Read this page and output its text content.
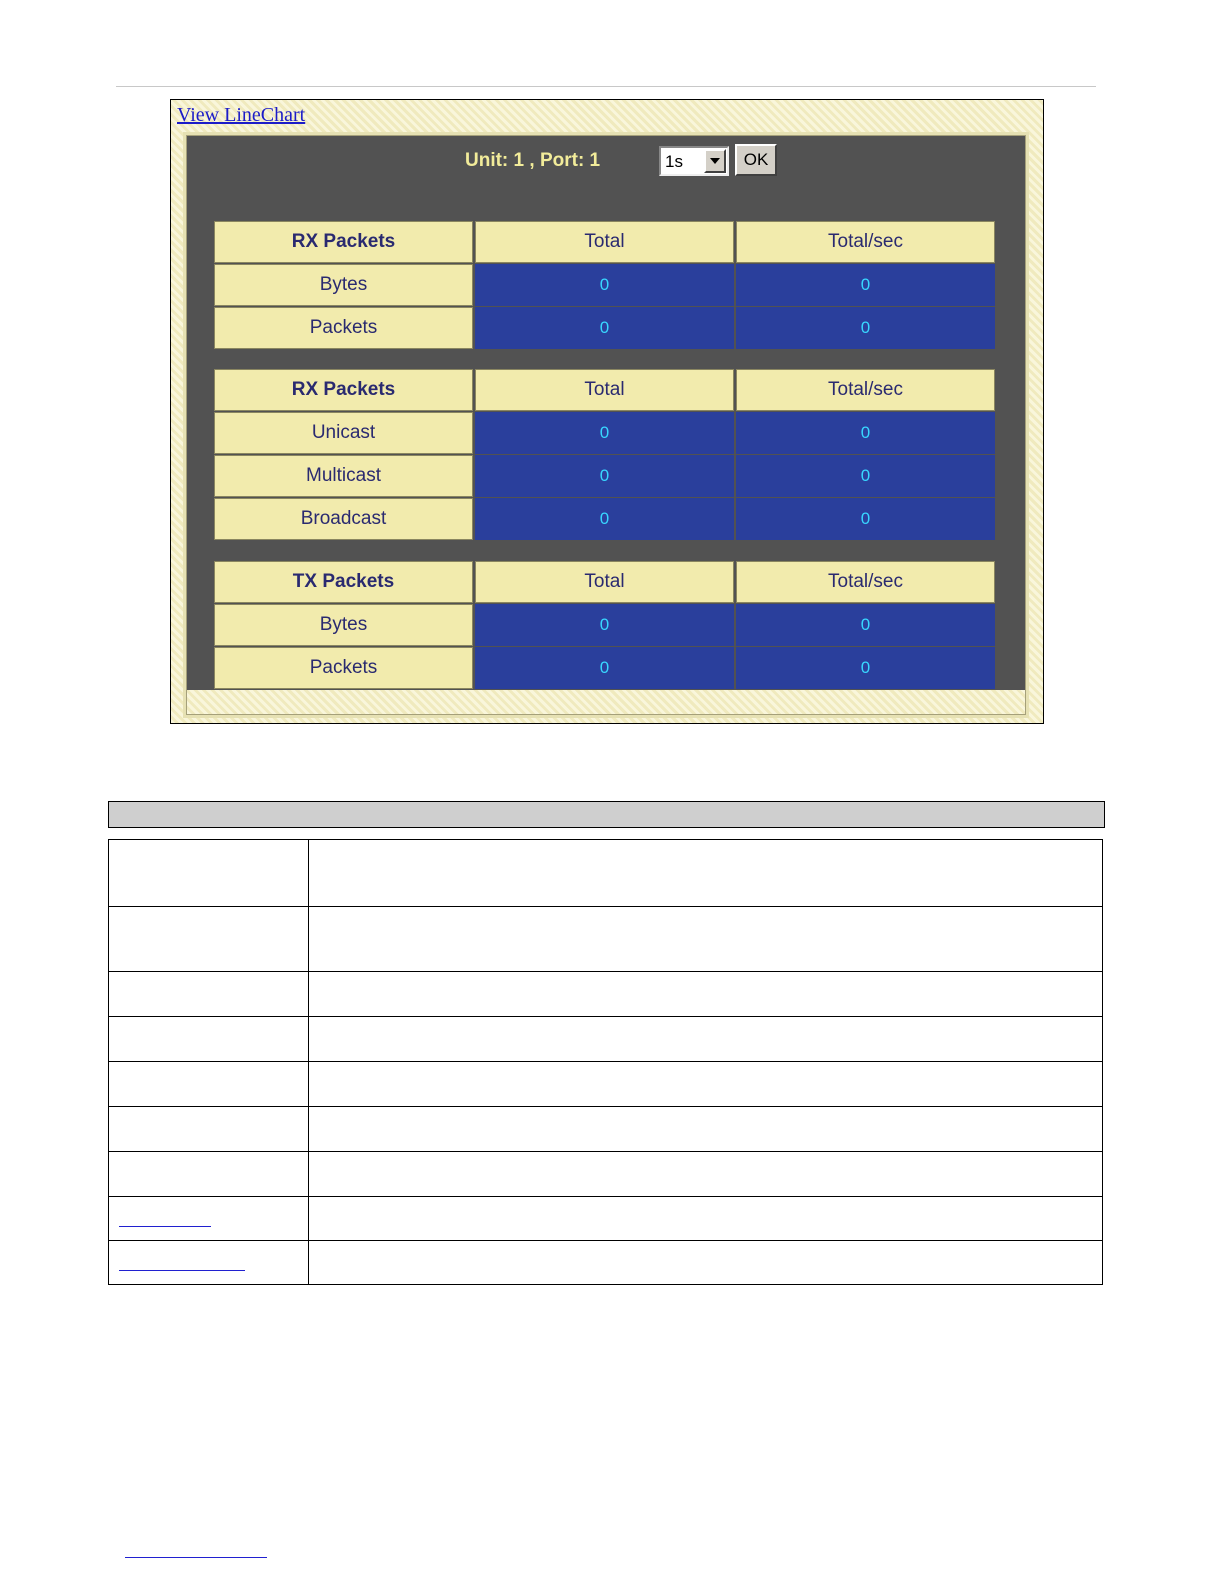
View LineChart
Unit: 1 , Port: 1	1s	OK
RX Packets	Total	Total/sec
Bytes	0	0
Packets	0	0
RX Packets	Total	Total/sec
Unicast	0	0
Multicast	0	0
Broadcast	0	0
TX Packets	Total	Total/sec
Bytes	0	0
Packets	0	0
